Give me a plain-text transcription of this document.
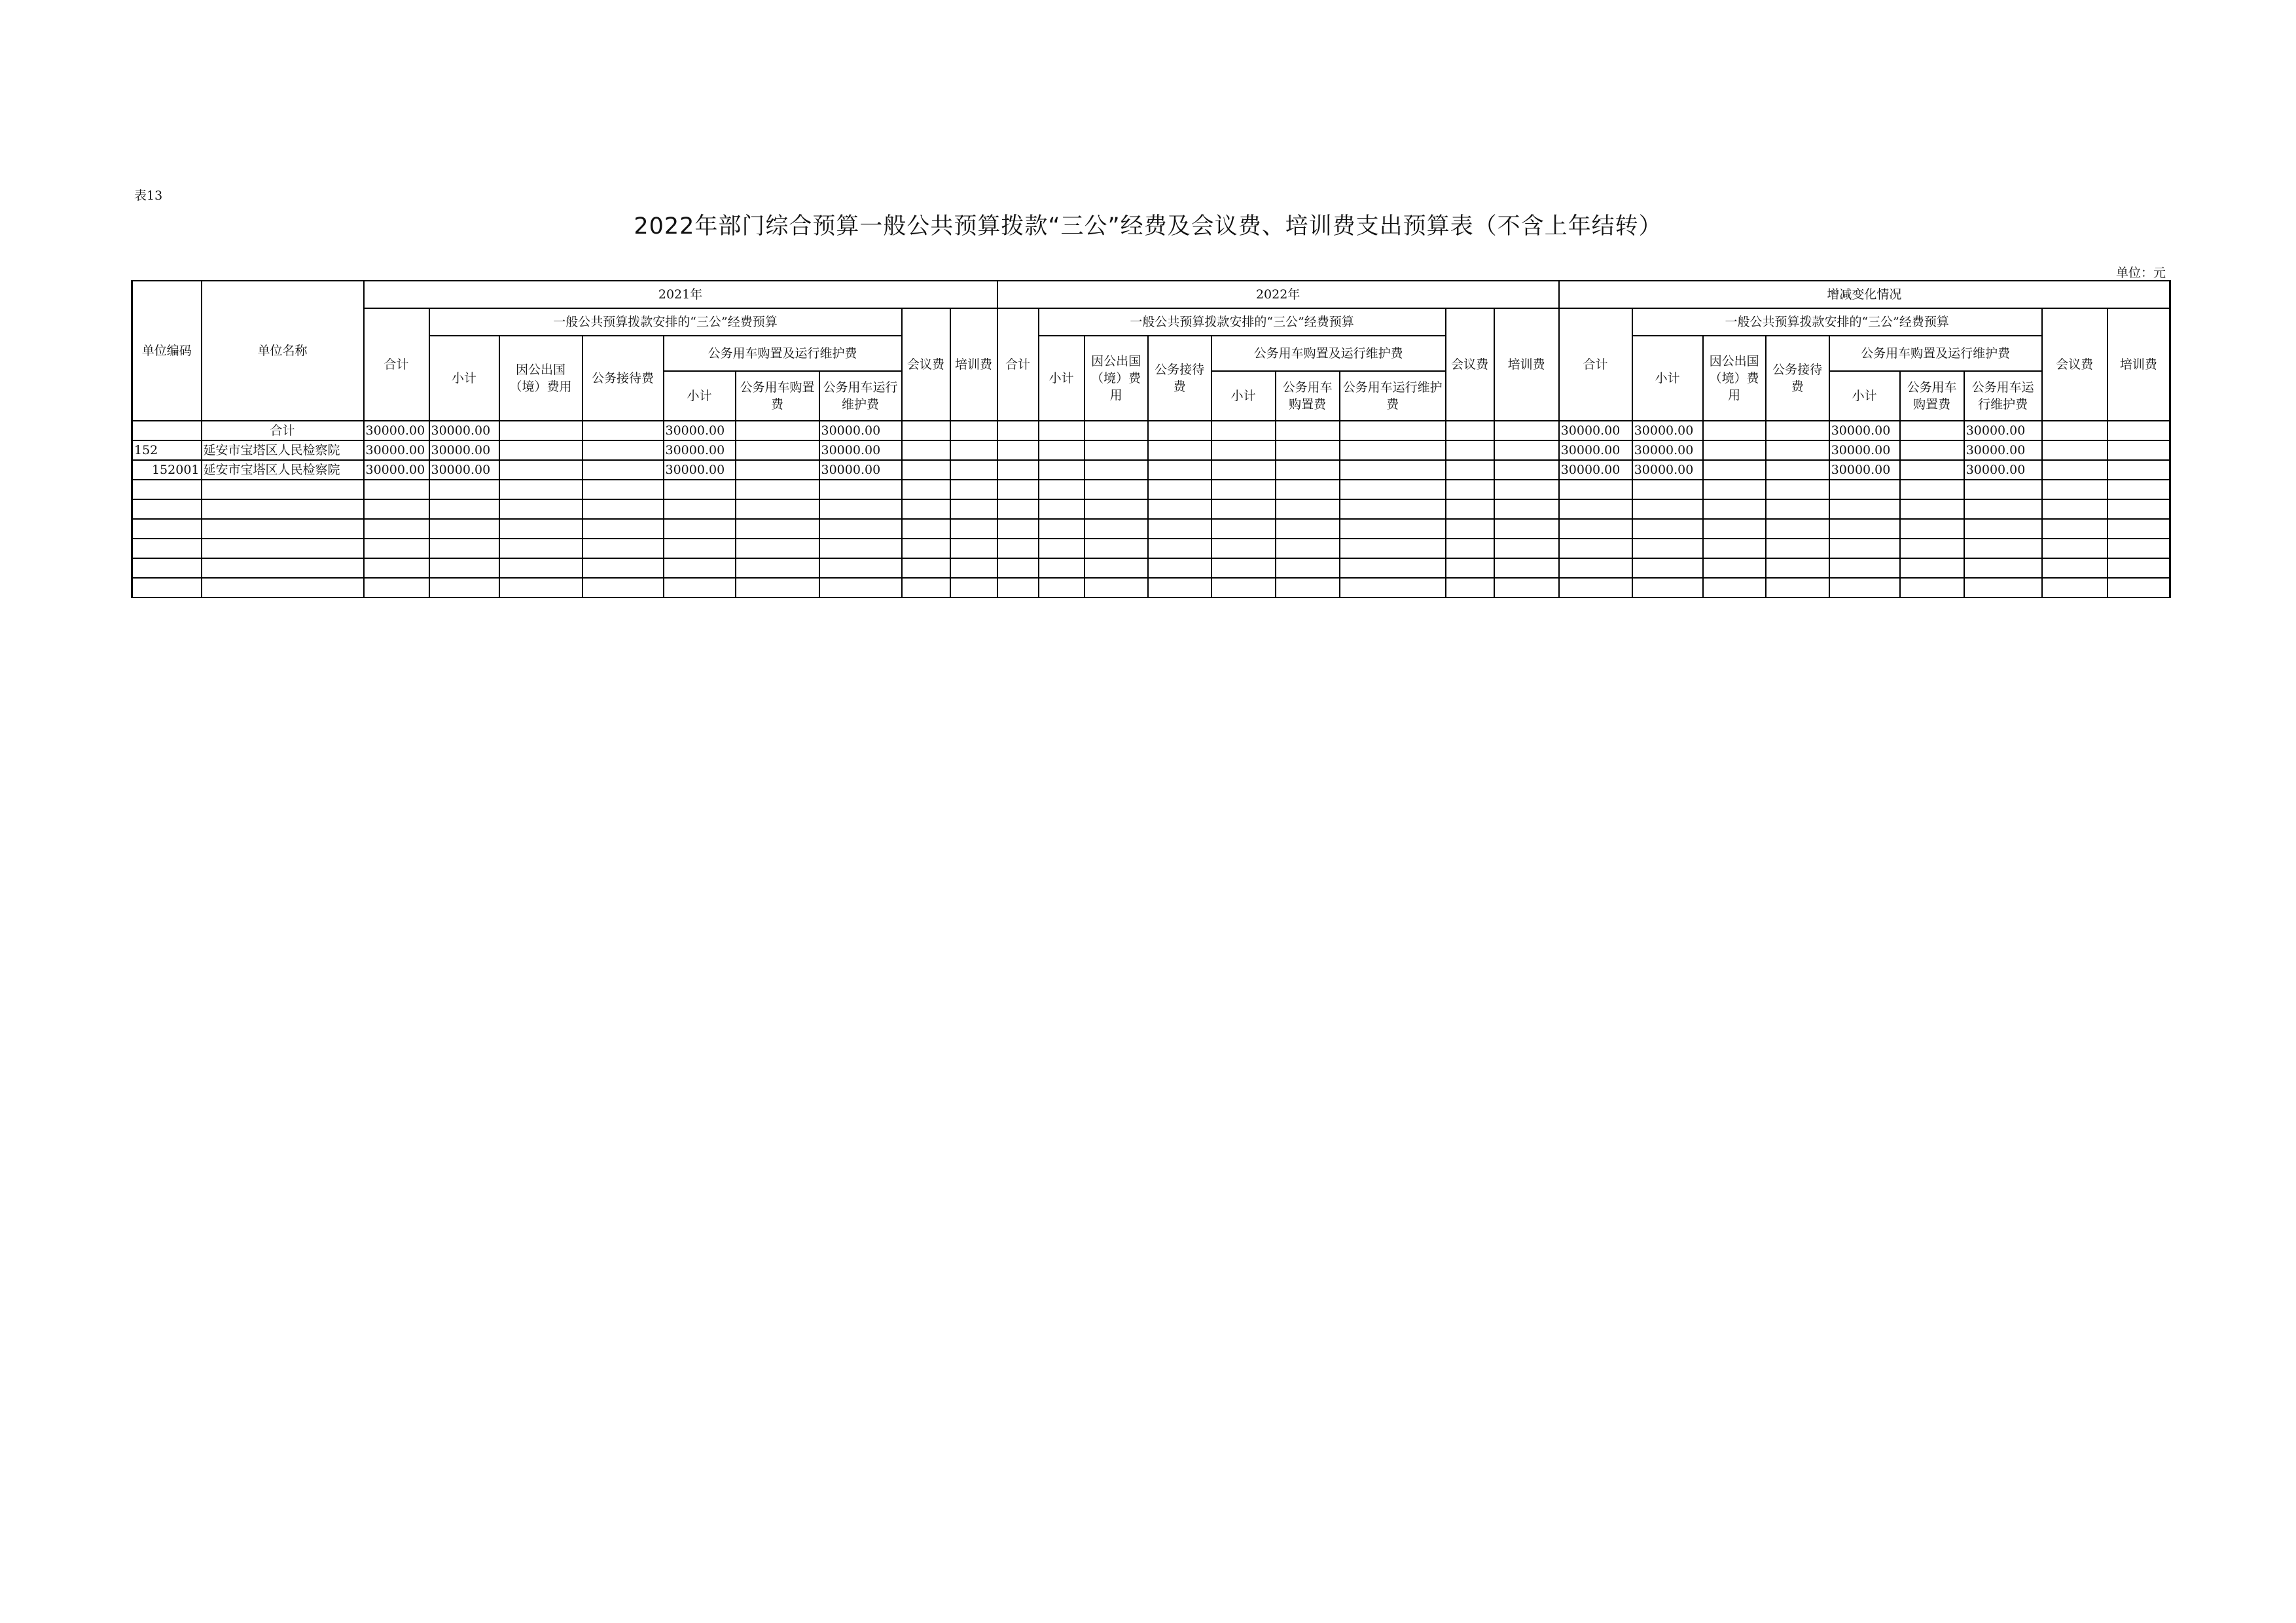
表13
2022年部门综合预算一般公共预算拨款“三公”经费及会议费、培训费支出预算表（不含上年结转）
单位：元
单位编码	单位名称	2021年									2022年									增减变化情况								
		合计	一般公共预算拨款安排的“三公”经费预算						会议费	培训费	合计	一般公共预算拨款安排的“三公”经费预算						会议费	培训费	合计	一般公共预算拨款安排的“三公”经费预算						会议费	培训费
			小计	因公出国（境）费用	公务接待费	公务用车购置及运行维护费						小计	因公出国（境）费用	公务接待费	公务用车购置及运行维护费						小计	因公出国（境）费用	公务接待费	公务用车购置及运行维护费				
						小计	公务用车购置费	公务用车运行维护费							小计	公务用车购置费	公务用车运行维护费							小计	公务用车购置费	公务用车运行维护费		
	合计	30000.00	30000.00			30000.00		30000.00												30000.00	30000.00			30000.00		30000.00		
152	延安市宝塔区人民检察院	30000.00	30000.00			30000.00		30000.00												30000.00	30000.00			30000.00		30000.00		
152001	延安市宝塔区人民检察院	30000.00	30000.00			30000.00		30000.00												30000.00	30000.00			30000.00		30000.00		
